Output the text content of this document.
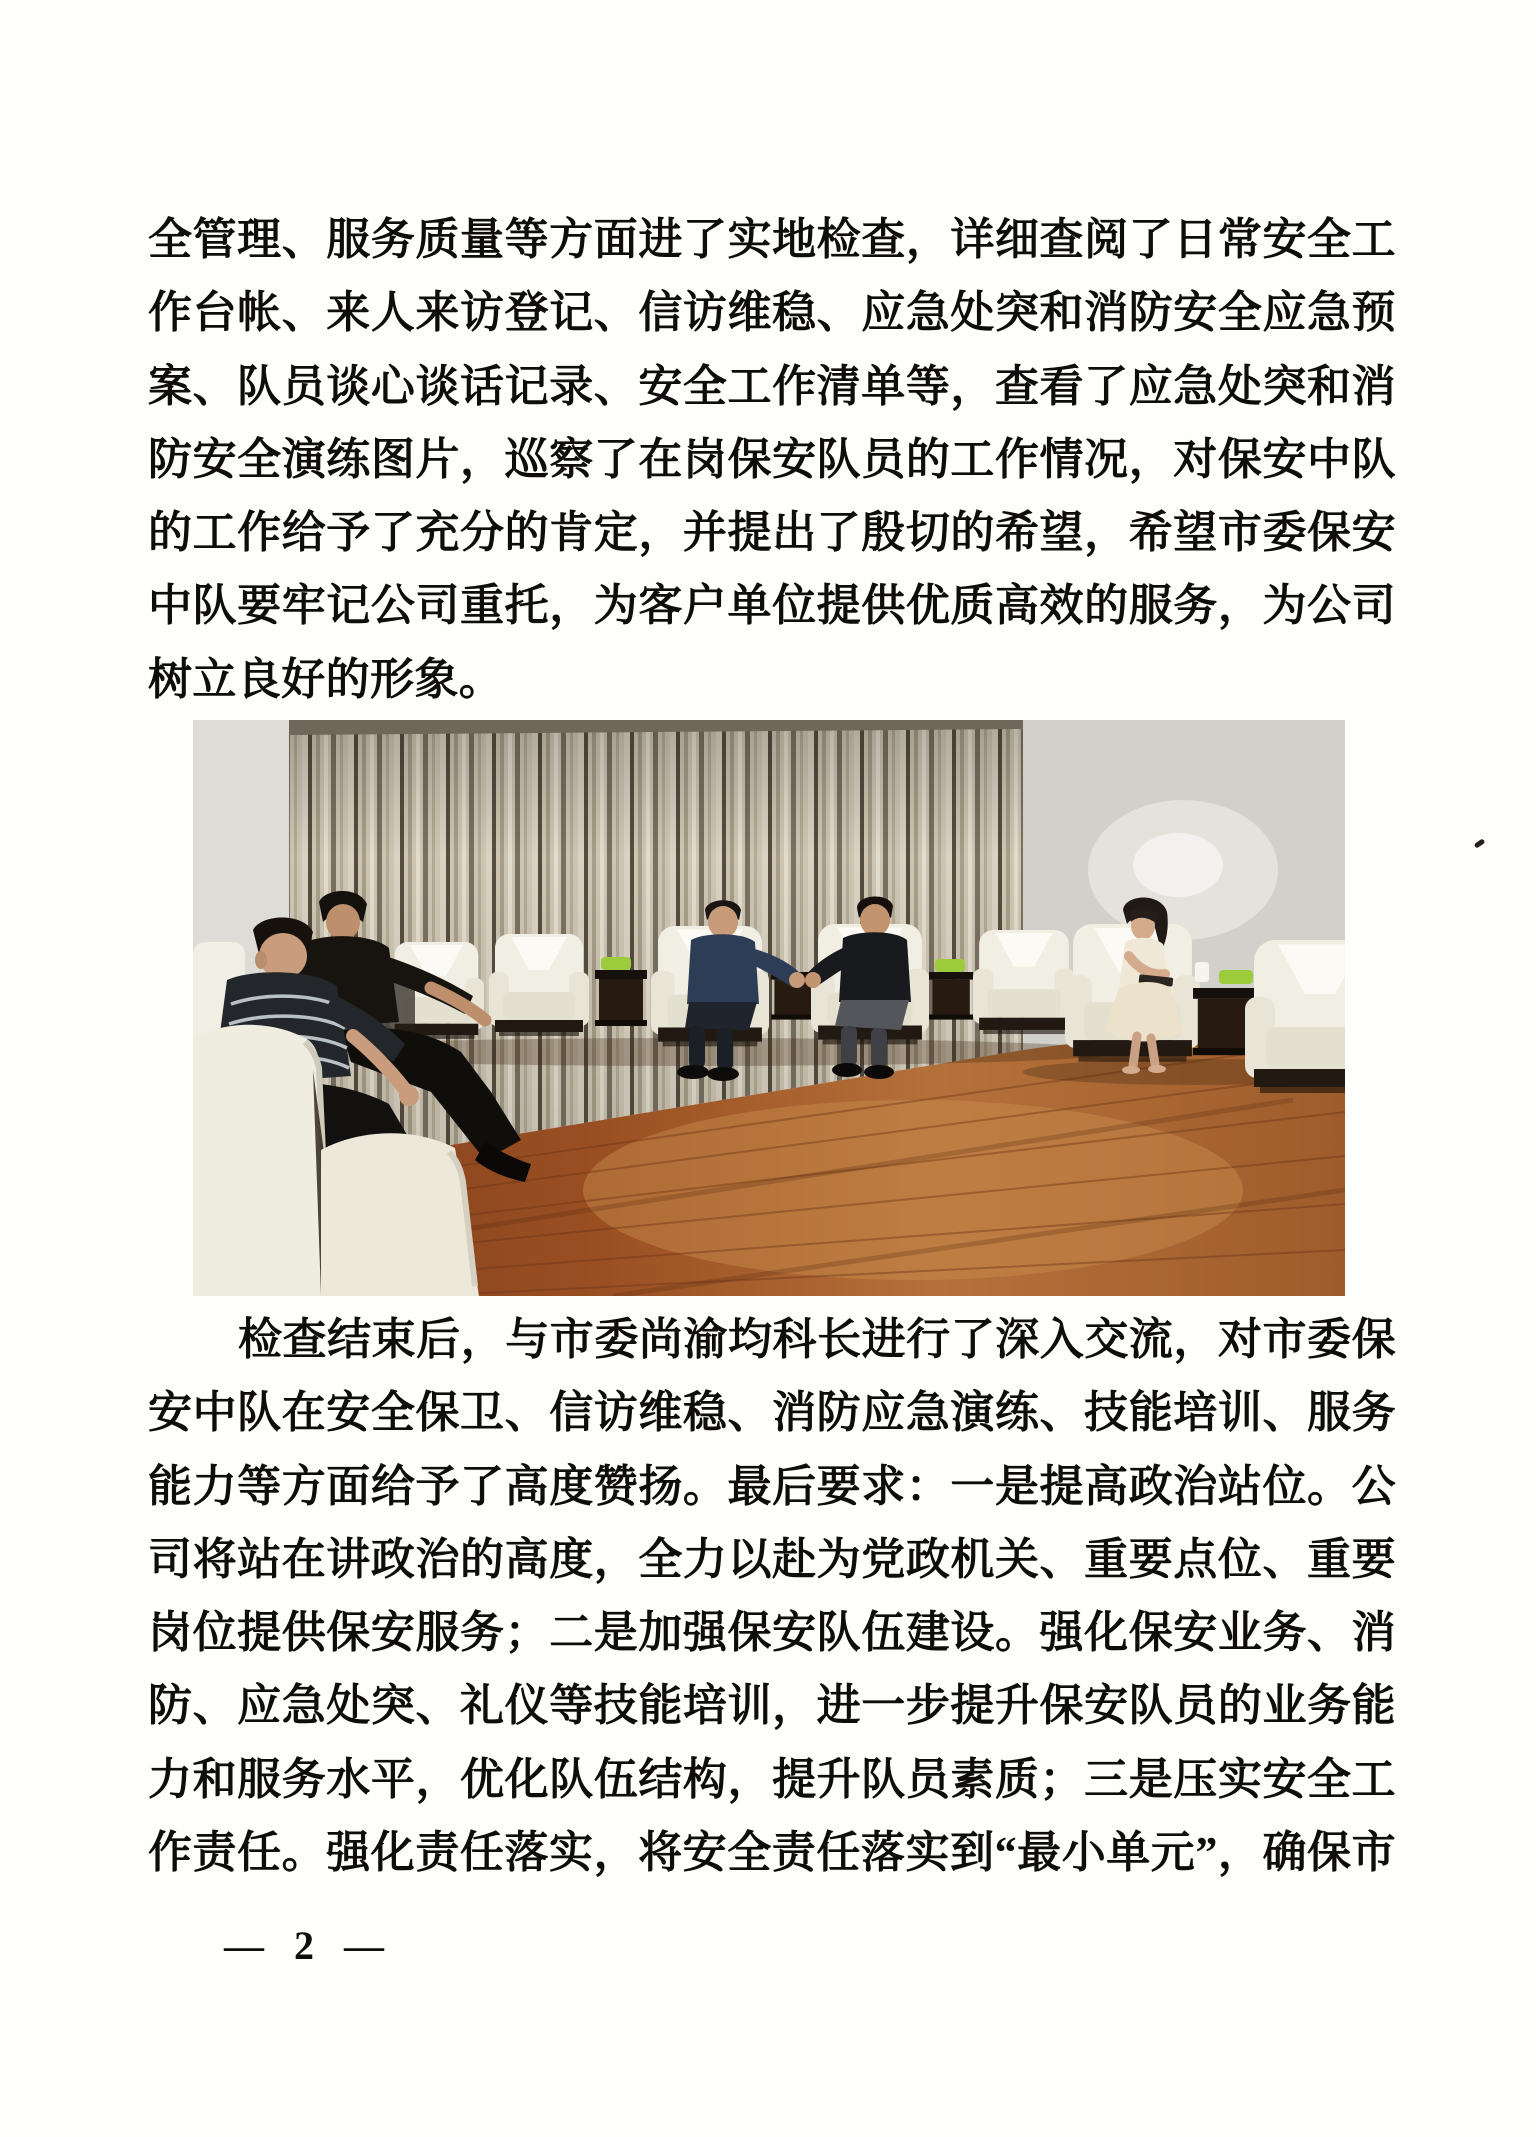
全管理、服务质量等方面进了实地检查，详细查阅了日常安全工
作台帐、来人来访登记、信访维稳、应急处突和消防安全应急预
案、队员谈心谈话记录、安全工作清单等，查看了应急处突和消
防安全演练图片，巡察了在岗保安队员的工作情况，对保安中队
的工作给予了充分的肯定，并提出了殷切的希望，希望市委保安
中队要牢记公司重托，为客户单位提供优质高效的服务，为公司
树立良好的形象。
检查结束后，与市委尚渝均科长进行了深入交流，对市委保
安中队在安全保卫、信访维稳、消防应急演练、技能培训、服务
能力等方面给予了高度赞扬。最后要求：一是提高政治站位。公
司将站在讲政治的高度，全力以赴为党政机关、重要点位、重要
岗位提供保安服务；二是加强保安队伍建设。强化保安业务、消
防、应急处突、礼仪等技能培训，进一步提升保安队员的业务能
力和服务水平，优化队伍结构，提升队员素质；三是压实安全工
作责任。强化责任落实，将安全责任落实到“最小单元”，确保市
— 2 —
